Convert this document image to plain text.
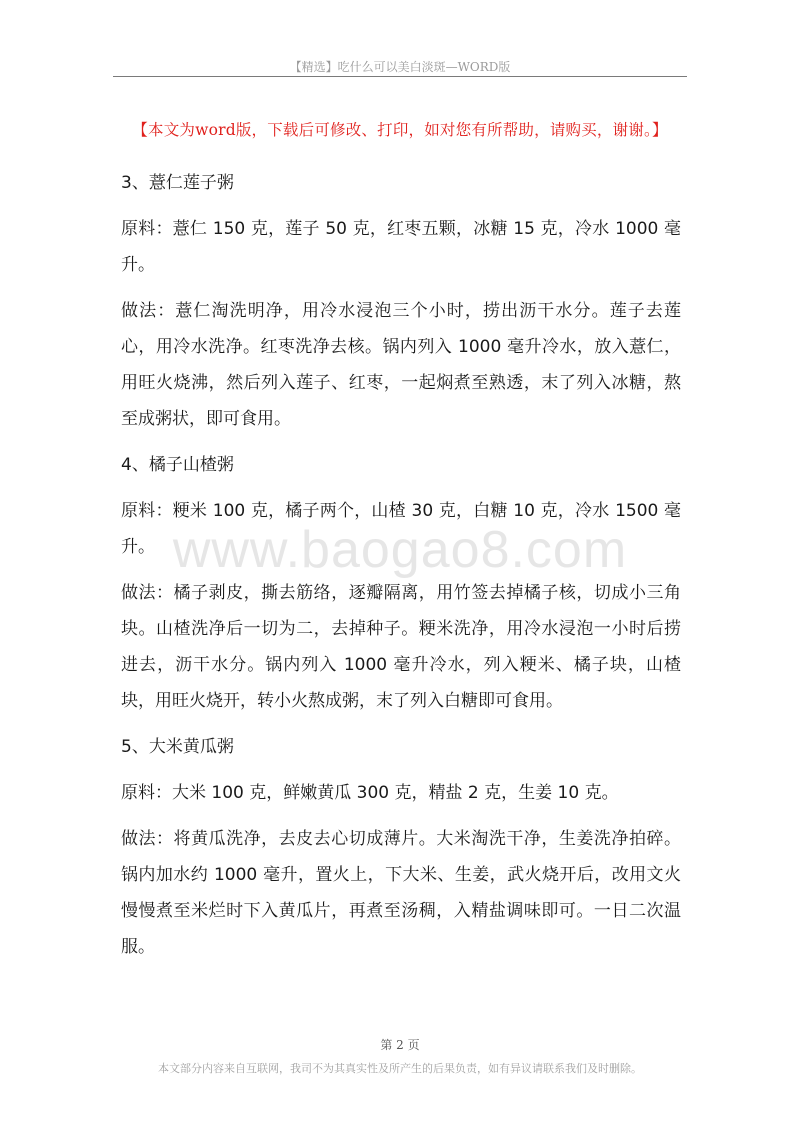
【精选】吃什么可以美白淡斑—WORD版
【本文为word版，下载后可修改、打印，如对您有所帮助，请购买，谢谢。】
www.baogao8.com

3、薏仁莲子粥

原料：薏仁 150 克，莲子 50 克，红枣五颗，冰糖 15 克，冷水 1000 毫升。

做法：薏仁淘洗明净，用冷水浸泡三个小时，捞出沥干水分。莲子去莲心，用冷水洗净。红枣洗净去核。锅内列入 1000 毫升冷水，放入薏仁，用旺火烧沸，然后列入莲子、红枣，一起焖煮至熟透，末了列入冰糖，熬至成粥状，即可食用。

4、橘子山楂粥

原料：粳米 100 克，橘子两个，山楂 30 克，白糖 10 克，冷水 1500 毫升。

做法：橘子剥皮，撕去筋络，逐瓣隔离，用竹签去掉橘子核，切成小三角块。山楂洗净后一切为二，去掉种子。粳米洗净，用冷水浸泡一小时后捞进去，沥干水分。锅内列入 1000 毫升冷水，列入粳米、橘子块，山楂块，用旺火烧开，转小火熬成粥，末了列入白糖即可食用。

5、大米黄瓜粥

原料：大米 100 克，鲜嫩黄瓜 300 克，精盐 2 克，生姜 10 克。

做法：将黄瓜洗净，去皮去心切成薄片。大米淘洗干净，生姜洗净拍碎。锅内加水约 1000 毫升，置火上，下大米、生姜，武火烧开后，改用文火慢慢煮至米烂时下入黄瓜片，再煮至汤稠，入精盐调味即可。一日二次温服。

第 2 页
本文部分内容来自互联网，我司不为其真实性及所产生的后果负责，如有异议请联系我们及时删除。
